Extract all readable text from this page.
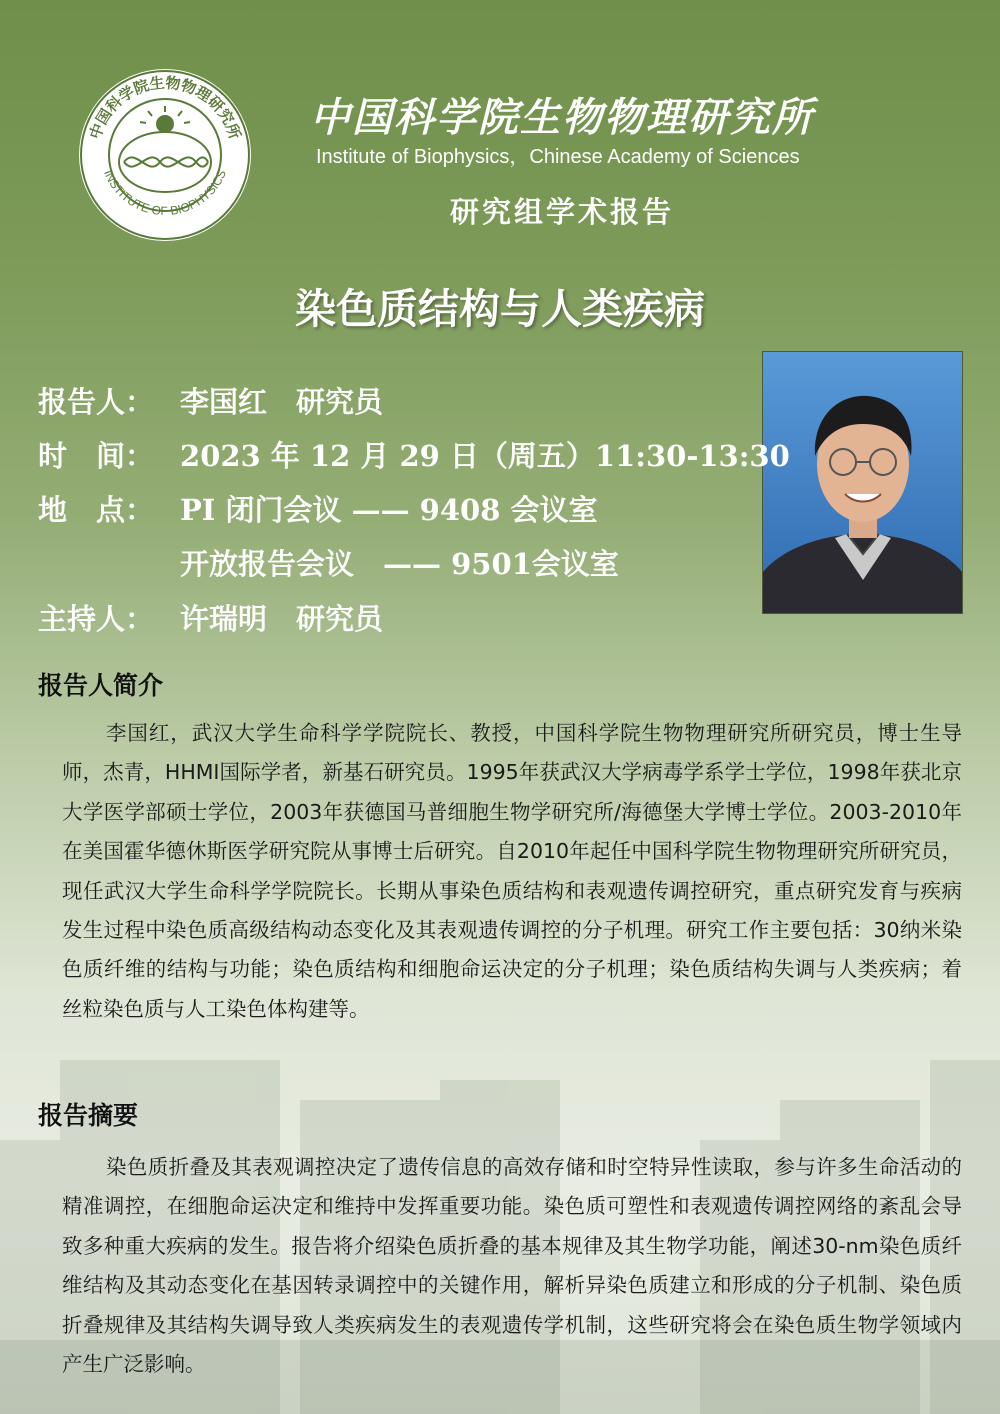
中国科学院生物物理研究所
INSTITUTE OF BIOPHYSICS
中国科学院生物物理研究所
Institute of Biophysics，Chinese Academy of Sciences
研究组学术报告
染色质结构与人类疾病
报告人： 李国红　研究员
时　间： 2023 年 12 月 29 日（周五）11:30-13:30
地　点： PI 闭门会议 —— 9408 会议室
开放报告会议　—— 9501会议室
主持人： 许瑞明　研究员
报告人简介

李国红，武汉大学生命科学学院院长、教授，中国科学院生物物理研究所研究员，博士生导师，杰青，HHMI国际学者，新基石研究员。1995年获武汉大学病毒学系学士学位，1998年获北京大学医学部硕士学位，2003年获德国马普细胞生物学研究所/海德堡大学博士学位。2003-2010年在美国霍华德休斯医学研究院从事博士后研究。自2010年起任中国科学院生物物理研究所研究员，现任武汉大学生命科学学院院长。长期从事染色质结构和表观遗传调控研究，重点研究发育与疾病发生过程中染色质高级结构动态变化及其表观遗传调控的分子机理。研究工作主要包括：30纳米染色质纤维的结构与功能；染色质结构和细胞命运决定的分子机理；染色质结构失调与人类疾病；着丝粒染色质与人工染色体构建等。

报告摘要

染色质折叠及其表观调控决定了遗传信息的高效存储和时空特异性读取，参与许多生命活动的精准调控，在细胞命运决定和维持中发挥重要功能。染色质可塑性和表观遗传调控网络的紊乱会导致多种重大疾病的发生。报告将介绍染色质折叠的基本规律及其生物学功能，阐述30-nm染色质纤维结构及其动态变化在基因转录调控中的关键作用，解析异染色质建立和形成的分子机制、染色质折叠规律及其结构失调导致人类疾病发生的表观遗传学机制，这些研究将会在染色质生物学领域内产生广泛影响。
